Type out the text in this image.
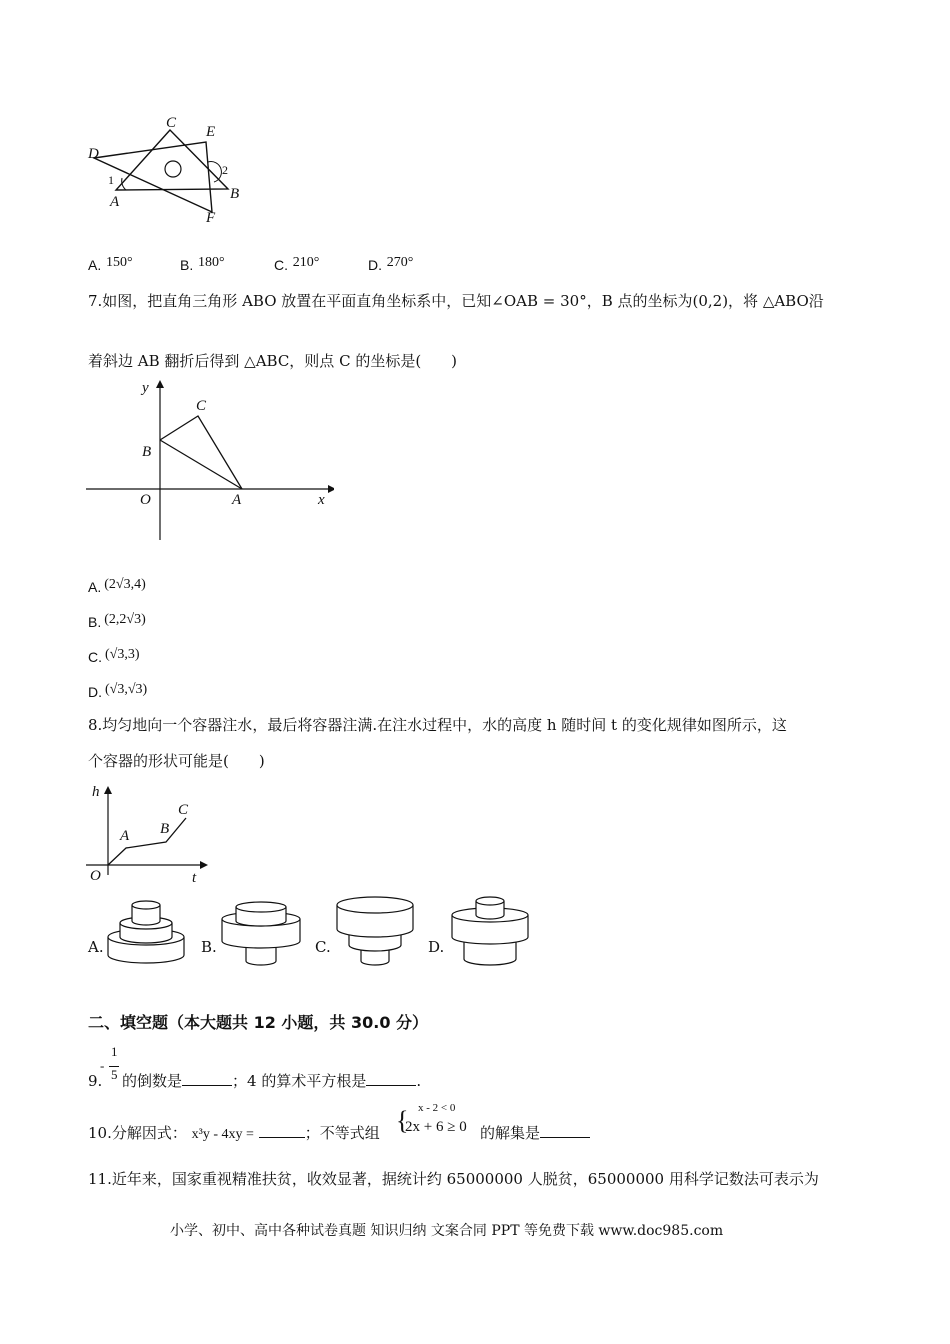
C
E
D
1
2
A	B
F
A. 150°	B. 180°	C. 210°	D. 270°
7.如图，把直角三角形 ABO 放置在平面直角坐标系中，已知∠OAB = 30°，B 点的坐标为(0,2)，将 △ABO沿
着斜边 AB 翻折后得到 △ABC，则点 C 的坐标是(　　)
y
C
B
O	A	x
A. (2√3,4)
B. (2,2√3)
C. (√3,3)
D. (√3,√3)
8.均匀地向一个容器注水，最后将容器注满.在注水过程中，水的高度 h 随时间 t 的变化规律如图所示，这
个容器的形状可能是(　　)
h
A B
C
O	t
A.	B.	C.	D.
二、填空题（本大题共 12 小题，共 30.0 分）
9.
-
1
5 的倒数是	；4 的算术平方根是	.
10.分解因式： x³y - 4xy =	；不等式组 { x - 2 < 0
2x + 6 ≥ 0 的解集是
11.近年来，国家重视精准扶贫，收效显著，据统计约 65000000 人脱贫，65000000 用科学记数法可表示为
小学、初中、高中各种试卷真题 知识归纳 文案合同 PPT 等免费下载 www.doc985.com
